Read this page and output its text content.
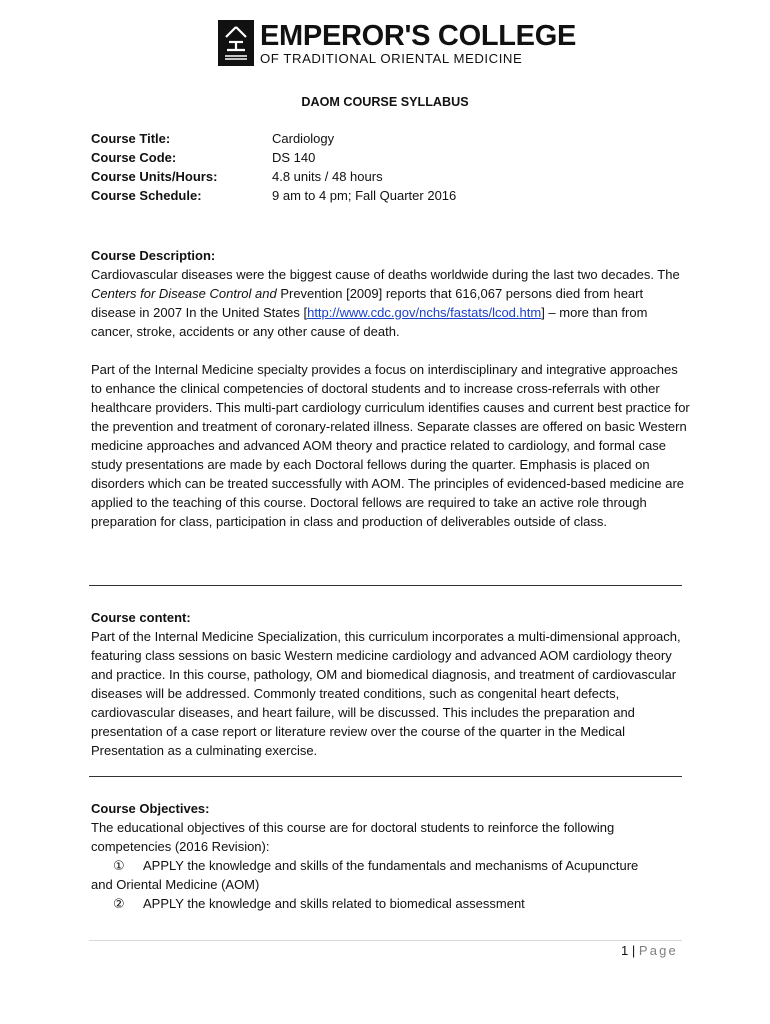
EMPEROR'S COLLEGE
OF TRADITIONAL ORIENTAL MEDICINE
DAOM COURSE SYLLABUS
Course Title:	Cardiology
Course Code:	DS 140
Course Units/Hours:	4.8 units / 48 hours
Course Schedule:	9 am to 4 pm; Fall Quarter 2016
Course Description:

Cardiovascular diseases were the biggest cause of deaths worldwide during the last two decades. The Centers for Disease Control and Prevention [2009] reports that 616,067 persons died from heart disease in 2007 In the United States [http://www.cdc.gov/nchs/fastats/lcod.htm] – more than from cancer, stroke, accidents or any other cause of death.

Part of the Internal Medicine specialty provides a focus on interdisciplinary and integrative approaches to enhance the clinical competencies of doctoral students and to increase cross-referrals with other healthcare providers. This multi-part cardiology curriculum identifies causes and current best practice for the prevention and treatment of coronary-related illness. Separate classes are offered on basic Western medicine approaches and advanced AOM theory and practice related to cardiology, and formal case study presentations are made by each Doctoral fellows during the quarter. Emphasis is placed on disorders which can be treated successfully with AOM. The principles of evidenced-based medicine are applied to the teaching of this course. Doctoral fellows are required to take an active role through preparation for class, participation in class and production of deliverables outside of class.

Course content:

Part of the Internal Medicine Specialization, this curriculum incorporates a multi-dimensional approach, featuring class sessions on basic Western medicine cardiology and advanced AOM cardiology theory and practice. In this course, pathology, OM and biomedical diagnosis, and treatment of cardiovascular diseases will be addressed. Commonly treated conditions, such as congenital heart defects, cardiovascular diseases, and heart failure, will be discussed. This includes the preparation and presentation of a case report or literature review over the course of the quarter in the Medical Presentation as a culminating exercise.

Course Objectives:

The educational objectives of this course are for doctoral students to reinforce the following competencies (2016 Revision):

①	APPLY the knowledge and skills of the fundamentals and mechanisms of Acupuncture
and Oriental Medicine (AOM)
②	APPLY the knowledge and skills related to biomedical assessment
1 | Page
